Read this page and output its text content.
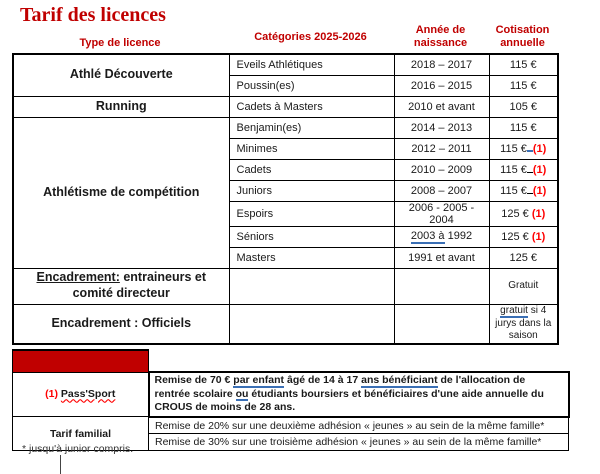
Tarif des licences
Type de licence
Catégories 2025-2026
Année de naissance
Cotisation annuelle
Athlé Découverte	Eveils Athlétiques	2018 – 2017	115 €
	Poussin(es)	2016 – 2015	115 €
Running	Cadets à Masters	2010 et avant	105 €
Athlétisme de compétition	Benjamin(es)	2014 – 2013	115 €
	Minimes	2012 – 2011	115 € (1)
	Cadets	2010 – 2009	115 € (1)
	Juniors	2008 – 2007	115 € (1)
	Espoirs	2006 - 2005 - 2004	125 € (1)
	Séniors	2003 à 1992	125 € (1)
	Masters	1991 et avant	125 €
Encadrement: entraineurs et comité directeur			Gratuit
Encadrement : Officiels			gratuit si 4 jurys dans la saison

(1) Pass'Sport	Remise de 70 € par enfant âgé de 14 à 17 ans bénéficiant de l'allocation de rentrée scolaire ou étudiants boursiers et bénéficiaires d'une aide annuelle du CROUS de moins de 28 ans.
Tarif familial	Remise de 20% sur une deuxième adhésion « jeunes » au sein de la même famille*
	Remise de 30% sur une troisième adhésion « jeunes » au sein de la même famille*
* jusqu'à junior compris.
